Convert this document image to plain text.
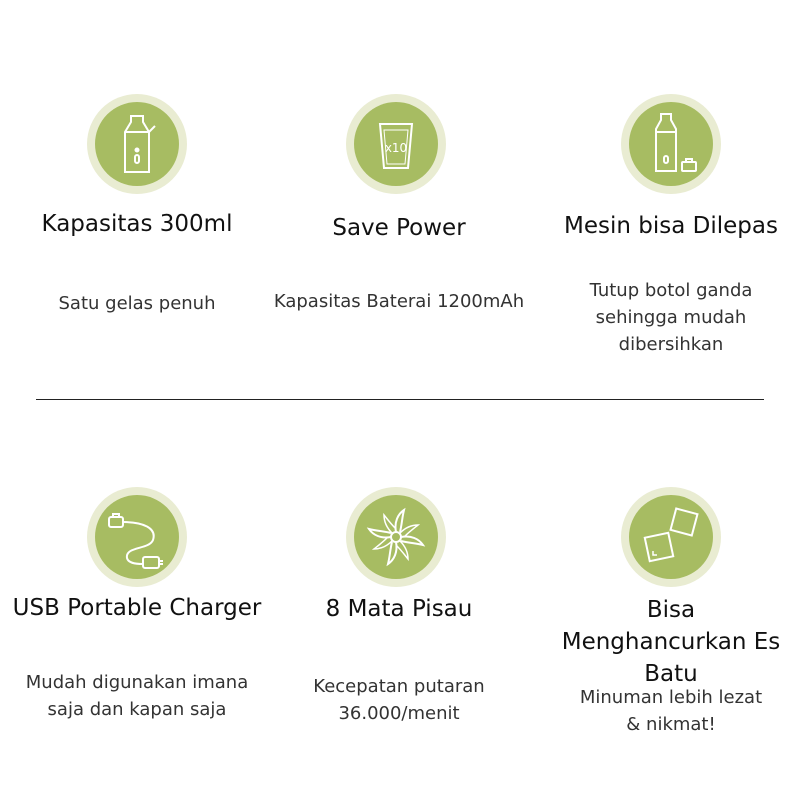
Kapasitas 300ml
Satu gelas penuh
x10
Save Power
Kapasitas Baterai 1200mAh
Mesin bisa Dilepas
Tutup botol ganda sehingga mudah dibersihkan
USB Portable Charger
Mudah digunakan imana saja dan kapan saja
8 Mata Pisau
Kecepatan putaran 36.000/menit
Bisa Menghancurkan Es Batu
Minuman lebih lezat & nikmat!
